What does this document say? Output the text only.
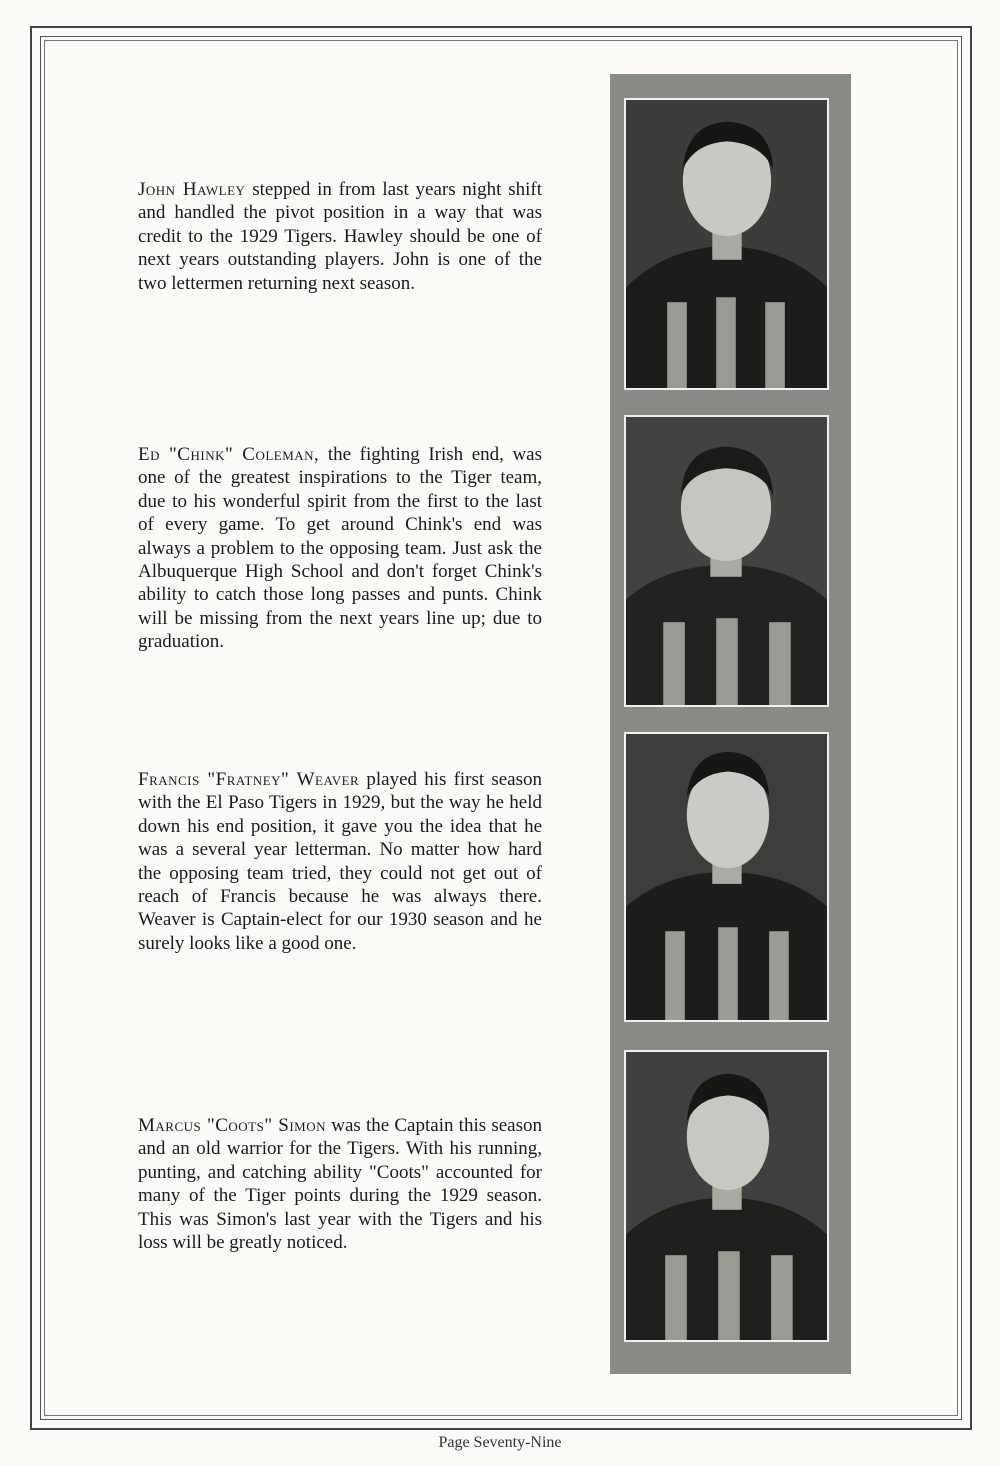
John Hawley stepped in from last years night shift and handled the pivot position in a way that was credit to the 1929 Tigers. Hawley should be one of next years outstanding players. John is one of the two lettermen returning next season.

Ed "Chink" Coleman, the fighting Irish end, was one of the greatest inspirations to the Tiger team, due to his wonderful spirit from the first to the last of every game. To get around Chink's end was always a problem to the opposing team. Just ask the Albuquerque High School and don't forget Chink's ability to catch those long passes and punts. Chink will be missing from the next years line up; due to graduation.

Francis "Fratney" Weaver played his first season with the El Paso Tigers in 1929, but the way he held down his end position, it gave you the idea that he was a several year letterman. No matter how hard the opposing team tried, they could not get out of reach of Francis because he was always there. Weaver is Captain-elect for our 1930 season and he surely looks like a good one.

Marcus "Coots" Simon was the Captain this season and an old warrior for the Tigers. With his running, punting, and catching ability "Coots" accounted for many of the Tiger points during the 1929 season. This was Simon's last year with the Tigers and his loss will be greatly noticed.

Page Seventy-Nine
